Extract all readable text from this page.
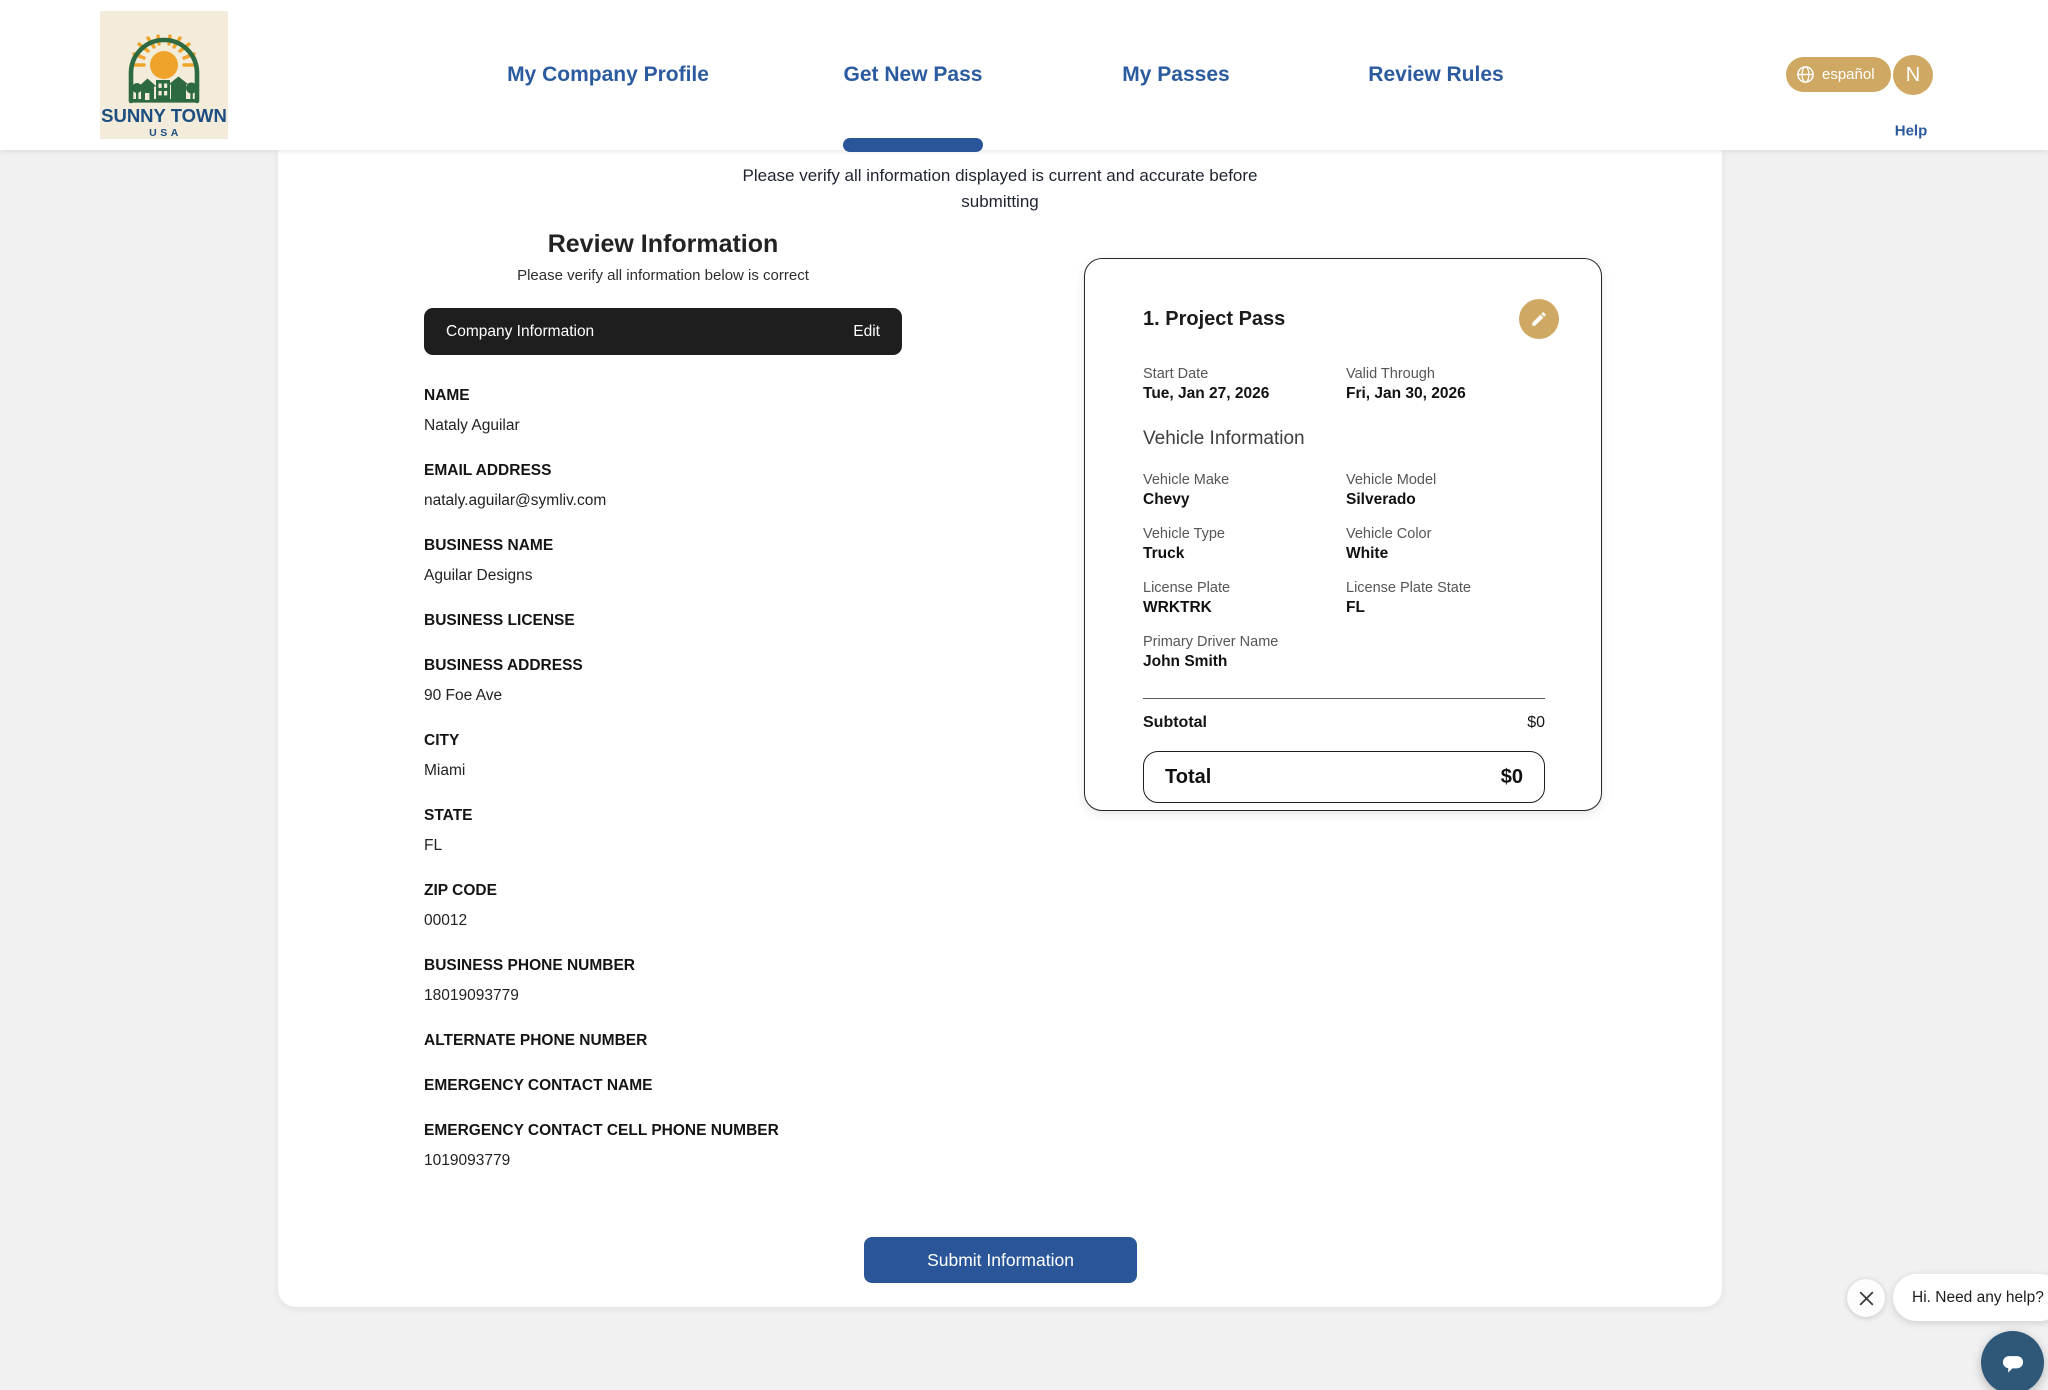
SUNNY TOWN
USA
My Company Profile	Get New Pass	My Passes	Review Rules	español N
Help
Please verify all information displayed is current and accurate before submitting
Review Information
Please verify all information below is correct
Company Information	Edit
NAME
Nataly Aguilar
EMAIL ADDRESS
nataly.aguilar@symliv.com
BUSINESS NAME
Aguilar Designs
BUSINESS LICENSE
BUSINESS ADDRESS
90 Foe Ave
CITY
Miami
STATE
FL
ZIP CODE
00012
BUSINESS PHONE NUMBER
18019093779
ALTERNATE PHONE NUMBER
EMERGENCY CONTACT NAME
EMERGENCY CONTACT CELL PHONE NUMBER
1019093779
1. Project Pass
Start Date
Tue, Jan 27, 2026
Valid Through
Fri, Jan 30, 2026
Vehicle Information
Vehicle Make
Chevy
Vehicle Model
Silverado
Vehicle Type
Truck
Vehicle Color
White
License Plate
WRKTRK
License Plate State
FL
Primary Driver Name
John Smith
Subtotal	$0
Total	$0
Submit Information
Hi. Need any help?
